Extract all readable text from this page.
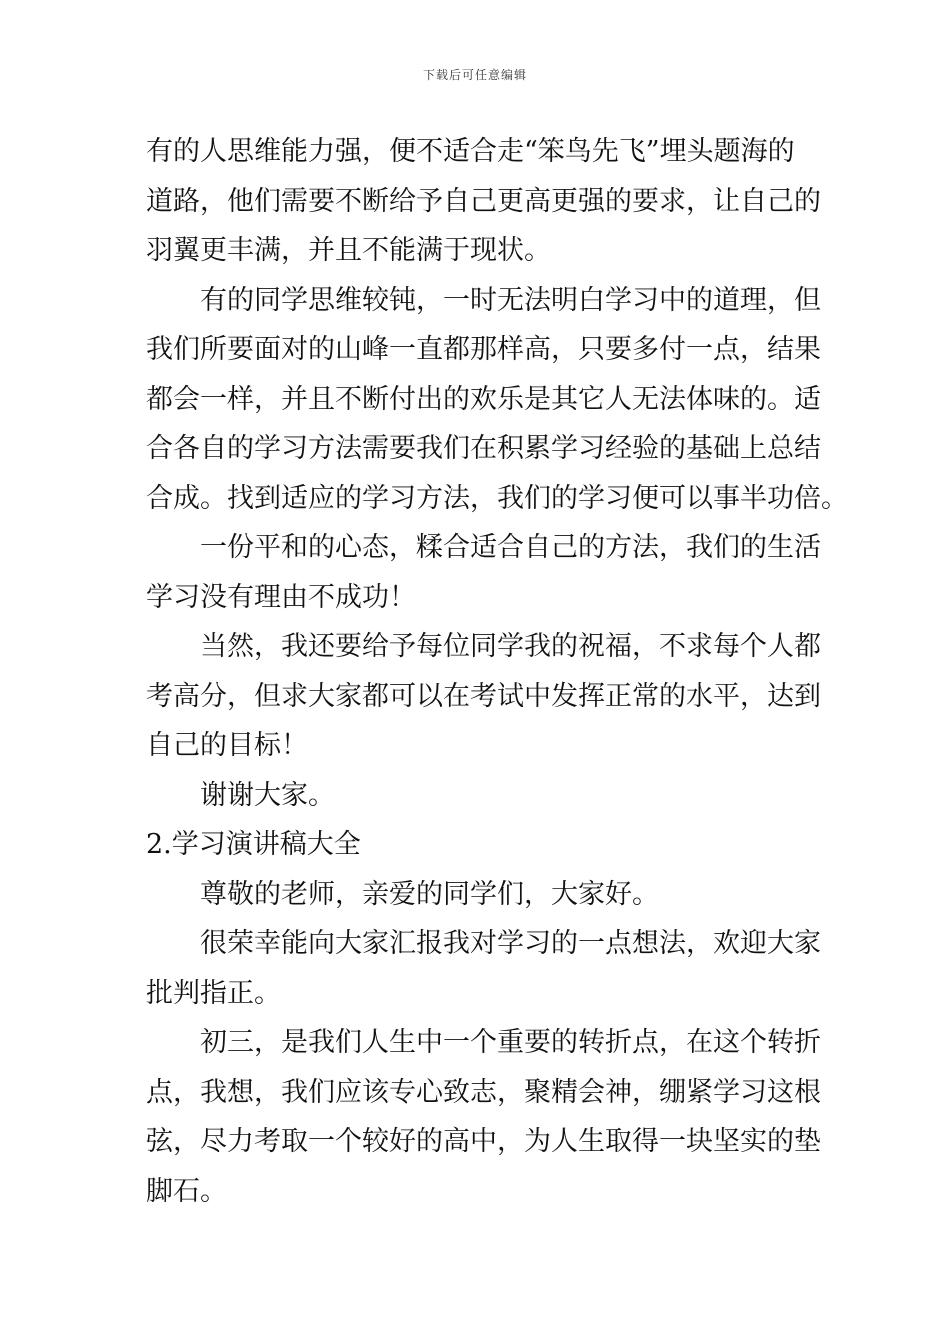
下载后可任意编辑

有的人思维能力强，便不适合走“笨鸟先飞”埋头题海的

道路，他们需要不断给予自己更高更强的要求，让自己的

羽翼更丰满，并且不能满于现状。

有的同学思维较钝，一时无法明白学习中的道理，但

我们所要面对的山峰一直都那样高，只要多付一点，结果

都会一样，并且不断付出的欢乐是其它人无法体味的。适

合各自的学习方法需要我们在积累学习经验的基础上总结

合成。找到适应的学习方法，我们的学习便可以事半功倍。

一份平和的心态，糅合适合自己的方法，我们的生活

学习没有理由不成功！

当然，我还要给予每位同学我的祝福，不求每个人都

考高分，但求大家都可以在考试中发挥正常的水平，达到

自己的目标！

谢谢大家。

2.学习演讲稿大全

尊敬的老师，亲爱的同学们，大家好。

很荣幸能向大家汇报我对学习的一点想法，欢迎大家

批判指正。

初三，是我们人生中一个重要的转折点，在这个转折

点，我想，我们应该专心致志，聚精会神，绷紧学习这根

弦，尽力考取一个较好的高中，为人生取得一块坚实的垫

脚石。
